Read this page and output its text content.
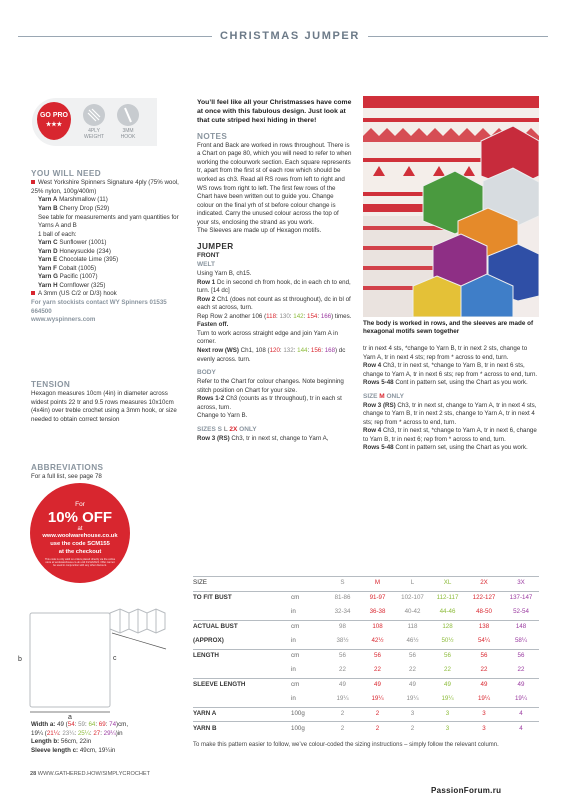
CHRISTMAS JUMPER
GO PRO
★★★
4PLY
WEIGHT
3MM
HOOK
YOU WILL NEED
West Yorkshire Spinners Signature 4ply (75% wool, 25% nylon, 100g/400m)
Yarn A Marshmallow (11)
Yarn B Cherry Drop (529)
See table for measurements and yarn quantities for Yarns A and B
1 ball of each:
Yarn C Sunflower (1001)
Yarn D Honeysuckle (234)
Yarn E Chocolate Lime (395)
Yarn F Cobalt (1005)
Yarn G Pacific (1007)
Yarn H Cornflower (325)
A 3mm (US C/2 or D/3) hook
For yarn stockists contact WY Spinners 01535 664500
www.wyspinners.com
TENSION
Hexagon measures 10cm (4in) in diameter across widest points 22 tr and 9.5 rows measures 10x10cm (4x4in) over treble crochet using a 3mm hook, or size needed to obtain correct tension
ABBREVIATIONS
For a full list, see page 78
For
10% OFF
at
www.woolwarehouse.co.uk
use the code SCM155
at the checkout
This code is only valid on orders placed directly via the online store at woolwarehouse.co.uk until 31/12/2024. Offer cannot be used in conjunction with any other discount.
b
a
c
Width a: 49 (54: 59: 64: 69: 74)cm,
19¼ (21¼: 23¼: 25¼: 27: 29¼)in
Length b: 56cm, 22in
Sleeve length c: 49cm, 19¼in
You’ll feel like all your Christmasses have come at once with this fabulous design. Just look at that cute striped hexi hiding in there!
NOTES
Front and Back are worked in rows throughout. There is a Chart on page 80, which you will need to refer to when working the colourwork section. Each square represents tr, apart from the first st of each row which should be worked as ch3. Read all RS rows from left to right and WS rows from right to left. The first few rows of the Chart have been written out to guide you. Change colour on the final yrh of st before colour change is indicated. Carry the unused colour across the top of your sts, enclosing the strand as you work.
The Sleeves are made up of Hexagon motifs.
JUMPER
FRONT
WELT
Using Yarn B, ch15.
Row 1 Dc in second ch from hook, dc in each ch to end, turn. [14 dc]
Row 2 Ch1 (does not count as st throughout), dc in bl of each st across, turn.
Rep Row 2 another 106 (118: 130: 142: 154: 166) times.
Fasten off.
Turn to work across straight edge and join Yarn A in corner.
Next row (WS) Ch1, 108 (120: 132: 144: 156: 168) dc evenly across. turn.
BODY
Refer to the Chart for colour changes. Note beginning stitch position on Chart for your size.
Rows 1-2 Ch3 (counts as tr throughout), tr in each st across, turn.
Change to Yarn B.
SIZES S L 2X ONLY
Row 3 (RS) Ch3, tr in next st, change to Yarn A,
The body is worked in rows, and the sleeves are made of hexagonal motifs sewn together
tr in next 4 sts, *change to Yarn B, tr in next 2 sts, change to Yarn A, tr in next 4 sts; rep from * across to end, turn.
Row 4 Ch3, tr in next st, *change to Yarn B, tr in next 6 sts, change to Yarn A, tr in next 6 sts; rep from * across to end, turn.
Rows 5-48 Cont in pattern set, using the Chart as you work.
SIZE M ONLY
Row 3 (RS) Ch3, tr in next st, change to Yarn A, tr in next 4 sts, change to Yarn B, tr in next 2 sts, change to Yarn A, tr in next 4 sts; rep from * across to end, turn.
Row 4 Ch3, tr in next st, *change to Yarn A, tr in next 6, change to Yarn B, tr in next 6; rep from * across to end, turn.
Rows 5-48 Cont in pattern set, using the Chart as you work.
SIZE		S	M	L	XL	2X	3X
TO FIT BUST	cm	81-86	91-97	102-107	112-117	122-127	137-147
	in	32-34	36-38	40-42	44-46	48-50	52-54
ACTUAL BUST	cm	98	108	118	128	138	148
(APPROX)	in	38½	42½	46½	50½	54¼	58¼
LENGTH	cm	56	56	56	56	56	56
	in	22	22	22	22	22	22
SLEEVE LENGTH	cm	49	49	49	49	49	49
	in	19¼	19¼	19¼	19¼	19¼	19¼
YARN A	100g	2	2	3	3	3	4
YARN B	100g	2	2	2	3	3	4
To make this pattern easier to follow, we’ve colour-coded the sizing instructions – simply follow the relevant column.
28 WWW.GATHERED.HOW/SIMPLYCROCHET
PassionForum.ru
